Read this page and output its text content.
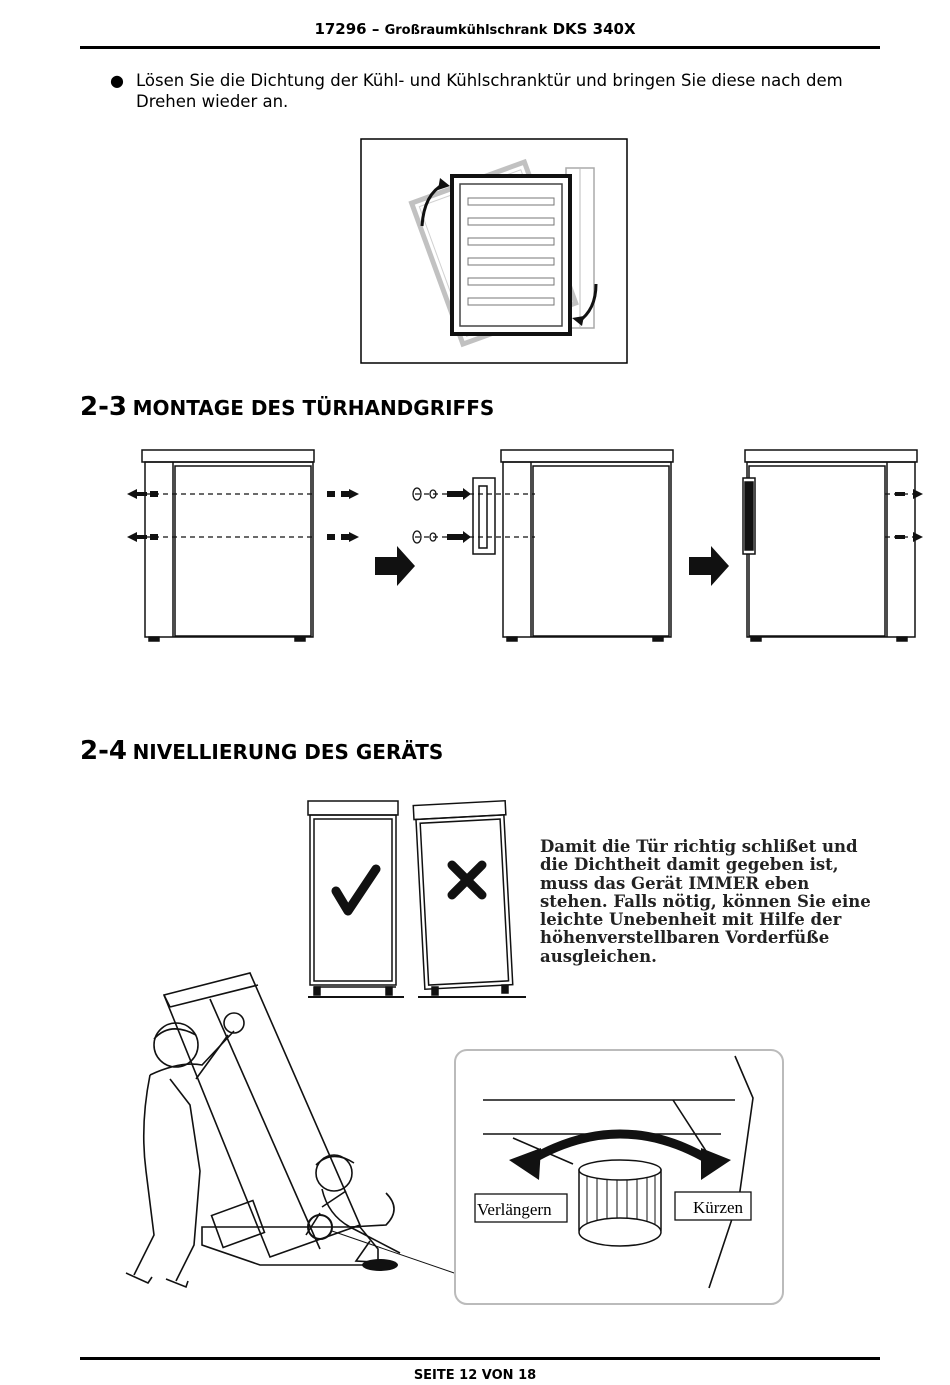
17296 – Großraumkühlschrank DKS 340X
● Lösen Sie die Dichtung der Kühl- und Kühlschranktür und bringen Sie diese nach dem Drehen wieder an.
2-3 MONTAGE DES TÜRHANDGRIFFS
2-4 NIVELLIERUNG DES GERÄTS
Damit die Tür richtig schlißet und die Dichtheit damit gegeben ist, muss das Gerät IMMER eben stehen. Falls nötig, können Sie eine leichte Unebenheit mit Hilfe der höhenverstellbaren Vorderfüße ausgleichen.
Verlängern	Kürzen
SEITE 12 VON 18
